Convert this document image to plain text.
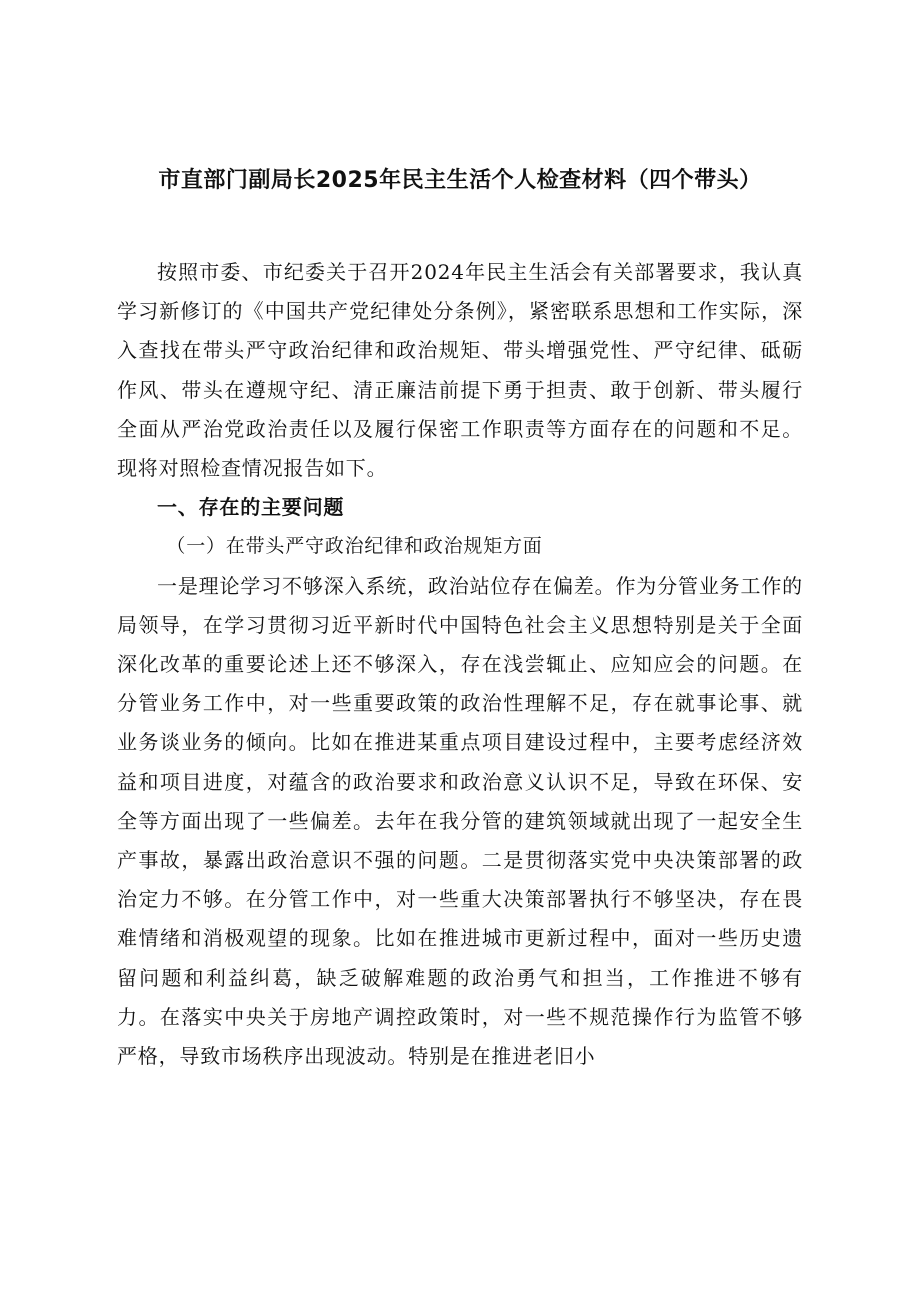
市直部门副局长2025年民主生活个人检查材料（四个带头）

按照市委、市纪委关于召开2024年民主生活会有关部署要求，我认真学习新修订的《中国共产党纪律处分条例》，紧密联系思想和工作实际，深入查找在带头严守政治纪律和政治规矩、带头增强党性、严守纪律、砥砺作风、带头在遵规守纪、清正廉洁前提下勇于担责、敢于创新、带头履行全面从严治党政治责任以及履行保密工作职责等方面存在的问题和不足。现将对照检查情况报告如下。

一、存在的主要问题

（一）在带头严守政治纪律和政治规矩方面

一是理论学习不够深入系统，政治站位存在偏差。作为分管业务工作的局领导，在学习贯彻习近平新时代中国特色社会主义思想特别是关于全面深化改革的重要论述上还不够深入，存在浅尝辄止、应知应会的问题。在分管业务工作中，对一些重要政策的政治性理解不足，存在就事论事、就业务谈业务的倾向。比如在推进某重点项目建设过程中，主要考虑经济效益和项目进度，对蕴含的政治要求和政治意义认识不足，导致在环保、安全等方面出现了一些偏差。去年在我分管的建筑领域就出现了一起安全生产事故，暴露出政治意识不强的问题。二是贯彻落实党中央决策部署的政治定力不够。在分管工作中，对一些重大决策部署执行不够坚决，存在畏难情绪和消极观望的现象。比如在推进城市更新过程中，面对一些历史遗留问题和利益纠葛，缺乏破解难题的政治勇气和担当，工作推进不够有力。在落实中央关于房地产调控政策时，对一些不规范操作行为监管不够严格，导致市场秩序出现波动。特别是在推进老旧小
